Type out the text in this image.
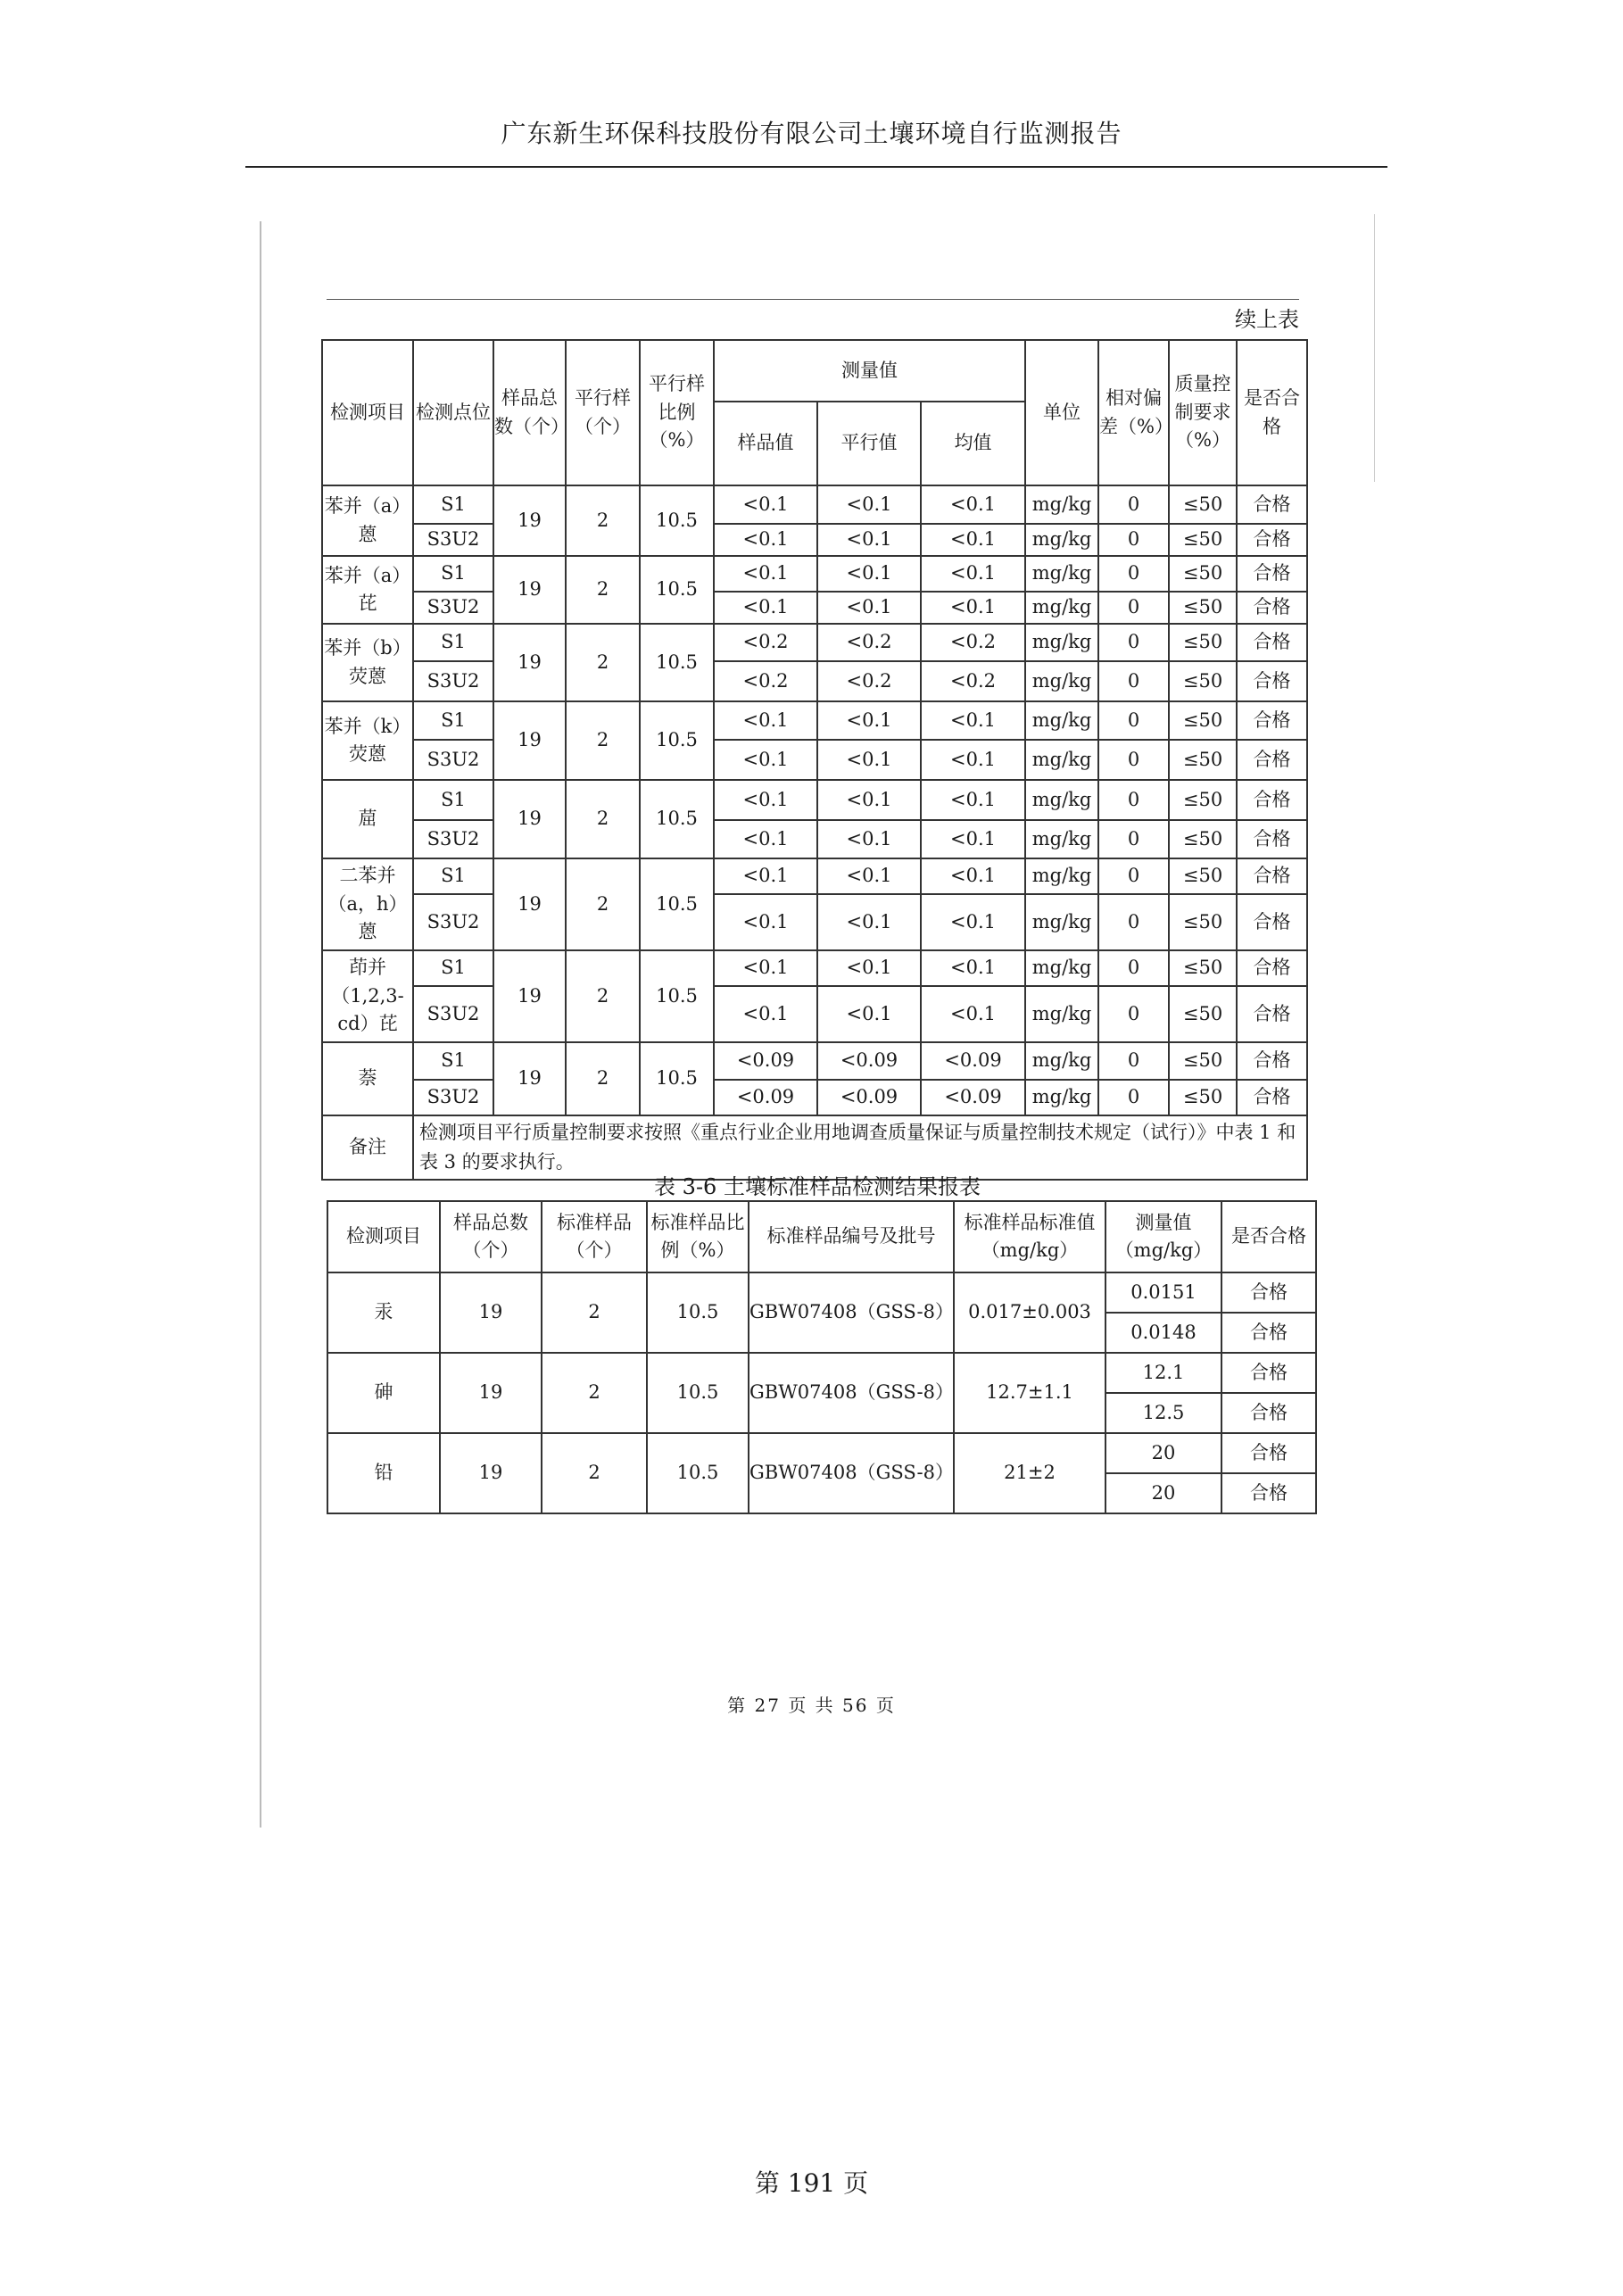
广东新生环保科技股份有限公司土壤环境自行监测报告
续上表
检测项目	检测点位	样品总数（个）	平行样（个）	平行样比例（%）	测量值			单位	相对偏差（%）	质量控制要求（%）	是否合格
					样品值	平行值	均值				
苯并（a）蒽	S1	19	2	10.5	<0.1	<0.1	<0.1	mg/kg	0	≤50	合格
	S3U2				<0.1	<0.1	<0.1	mg/kg	0	≤50	合格
苯并（a）芘	S1	19	2	10.5	<0.1	<0.1	<0.1	mg/kg	0	≤50	合格
	S3U2				<0.1	<0.1	<0.1	mg/kg	0	≤50	合格
苯并（b）荧蒽	S1	19	2	10.5	<0.2	<0.2	<0.2	mg/kg	0	≤50	合格
	S3U2				<0.2	<0.2	<0.2	mg/kg	0	≤50	合格
苯并（k）荧蒽	S1	19	2	10.5	<0.1	<0.1	<0.1	mg/kg	0	≤50	合格
	S3U2				<0.1	<0.1	<0.1	mg/kg	0	≤50	合格
䓛	S1	19	2	10.5	<0.1	<0.1	<0.1	mg/kg	0	≤50	合格
	S3U2				<0.1	<0.1	<0.1	mg/kg	0	≤50	合格
二苯并（a，h）蒽	S1	19	2	10.5	<0.1	<0.1	<0.1	mg/kg	0	≤50	合格
	S3U2				<0.1	<0.1	<0.1	mg/kg	0	≤50	合格
茚并（1,2,3-cd）芘	S1	19	2	10.5	<0.1	<0.1	<0.1	mg/kg	0	≤50	合格
	S3U2				<0.1	<0.1	<0.1	mg/kg	0	≤50	合格
萘	S1	19	2	10.5	<0.09	<0.09	<0.09	mg/kg	0	≤50	合格
	S3U2				<0.09	<0.09	<0.09	mg/kg	0	≤50	合格
备注	检测项目平行质量控制要求按照《重点行业企业用地调查质量保证与质量控制技术规定（试行）》中表 1 和表 3 的要求执行。										
表 3-6 土壤标准样品检测结果报表
检测项目	样品总数（个）	标准样品（个）	标准样品比例（%）	标准样品编号及批号	标准样品标准值（mg/kg）	测量值（mg/kg）	是否合格
汞	19	2	10.5	GBW07408（GSS-8）	0.017±0.003	0.0151	合格
						0.0148	合格
砷	19	2	10.5	GBW07408（GSS-8）	12.7±1.1	12.1	合格
						12.5	合格
铅	19	2	10.5	GBW07408（GSS-8）	21±2	20	合格
						20	合格
第 27 页 共 56 页
第 191 页
